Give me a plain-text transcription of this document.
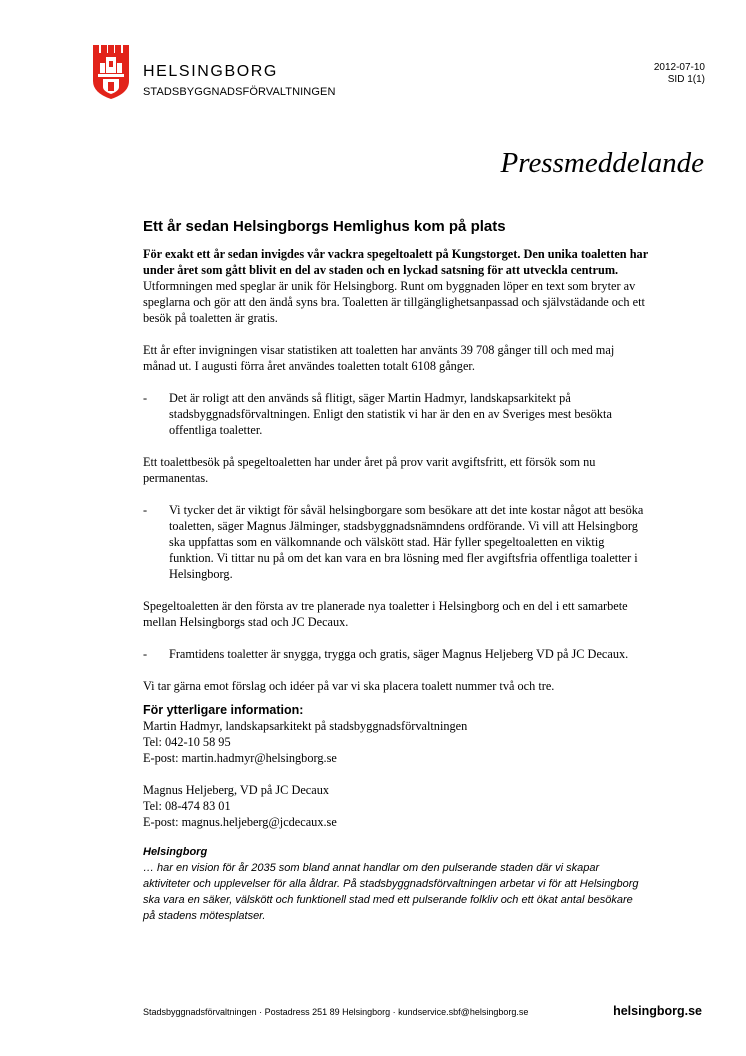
HELSINGBORG
STADSBYGGNADSFÖRVALTNINGEN
2012-07-10
SID 1(1)
Pressmeddelande
Ett år sedan Helsingborgs Hemlighus kom på plats

För exakt ett år sedan invigdes vår vackra spegeltoalett på Kungstorget. Den unika toaletten har under året som gått blivit en del av staden och en lyckad satsning för att utveckla centrum.

Utformningen med speglar är unik för Helsingborg. Runt om byggnaden löper en text som bryter av speglarna och gör att den ändå syns bra. Toaletten är tillgänglighetsanpassad och självstädande och ett besök på toaletten är gratis.

Ett år efter invigningen visar statistiken att toaletten har använts 39 708 gånger till och med maj månad ut. I augusti förra året användes toaletten totalt 6108 gånger.

- Det är roligt att den används så flitigt, säger Martin Hadmyr, landskapsarkitekt på stadsbyggnadsförvaltningen. Enligt den statistik vi har är den en av Sveriges mest besökta offentliga toaletter.

Ett toalettbesök på spegeltoaletten har under året på prov varit avgiftsfritt, ett försök som nu permanentas.

- Vi tycker det är viktigt för såväl helsingborgare som besökare att det inte kostar något att besöka toaletten, säger Magnus Jälminger, stadsbyggnadsnämndens ordförande. Vi vill att Helsingborg ska uppfattas som en välkomnande och välskött stad. Här fyller spegeltoaletten en viktig funktion. Vi tittar nu på om det kan vara en bra lösning med fler avgiftsfria offentliga toaletter i Helsingborg.

Spegeltoaletten är den första av tre planerade nya toaletter i Helsingborg och en del i ett samarbete mellan Helsingborgs stad och JC Decaux.

- Framtidens toaletter är snygga, trygga och gratis, säger Magnus Heljeberg VD på JC Decaux.

Vi tar gärna emot förslag och idéer på var vi ska placera toalett nummer två och tre.

För ytterligare information:

Martin Hadmyr, landskapsarkitekt på stadsbyggnadsförvaltningen

Tel: 042-10 58 95

E-post: martin.hadmyr@helsingborg.se

Magnus Heljeberg, VD på JC Decaux

Tel: 08-474 83 01

E-post: magnus.heljeberg@jcdecaux.se

Helsingborg

… har en vision för år 2035 som bland annat handlar om den pulserande staden där vi skapar aktiviteter och upplevelser för alla åldrar. På stadsbyggnadsförvaltningen arbetar vi för att Helsingborg ska vara en säker, välskött och funktionell stad med ett pulserande folkliv och ett ökat antal besökare på stadens mötesplatser.

Stadsbyggnadsförvaltningen · Postadress 251 89 Helsingborg · kundservice.sbf@helsingborg.se	helsingborg.se
